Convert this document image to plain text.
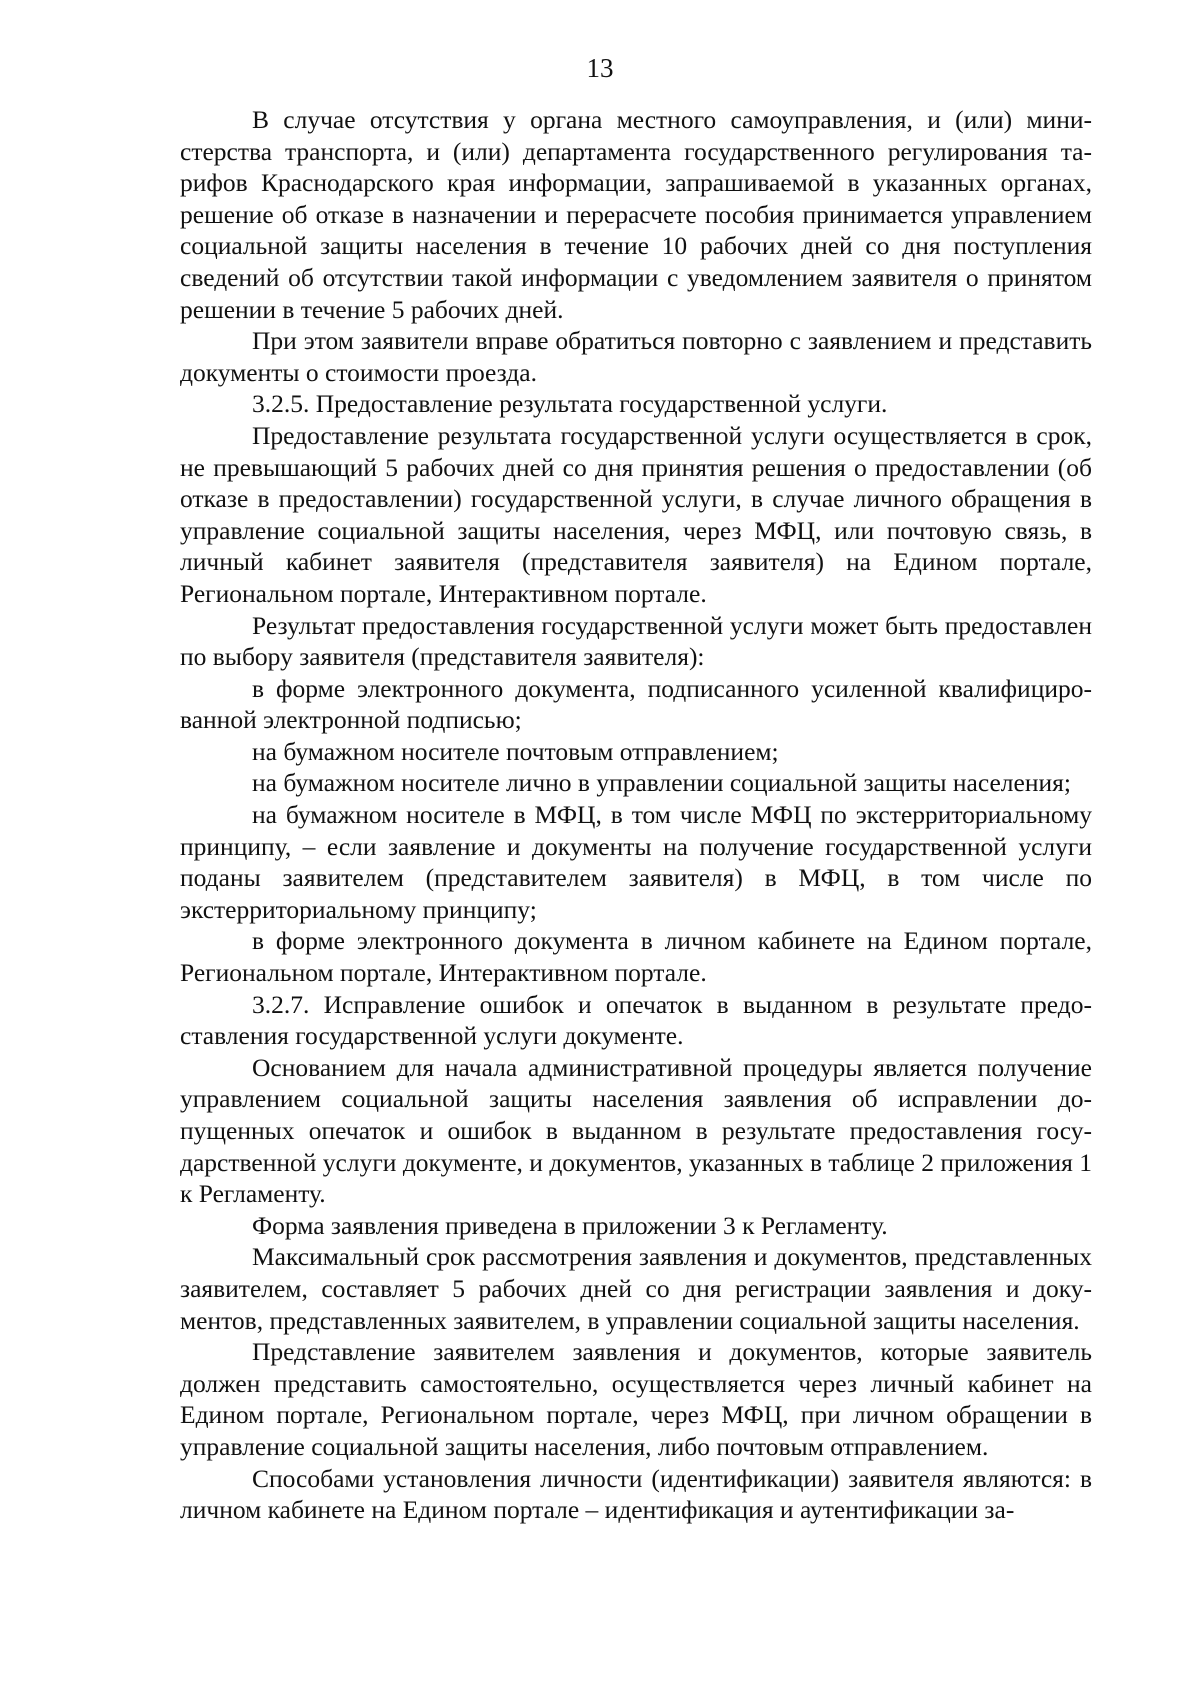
13

В случае отсутствия у органа местного самоуправления, и (или) министерства транспорта, и (или) департамента государственного регулирования тарифов Краснодарского края информации, запрашиваемой в указанных органах, решение об отказе в назначении и перерасчете пособия принимается управлением социальной защиты населения в течение 10 рабочих дней со дня поступления сведений об отсутствии такой информации с уведомлением заявителя о принятом решении в течение 5 рабочих дней.

При этом заявители вправе обратиться повторно с заявлением и представить документы о стоимости проезда.

3.2.5. Предоставление результата государственной услуги.

Предоставление результата государственной услуги осуществляется в срок, не превышающий 5 рабочих дней со дня принятия решения о предоставлении (об отказе в предоставлении) государственной услуги, в случае личного обращения в управление социальной защиты населения, через МФЦ, или почтовую связь, в личный кабинет заявителя (представителя заявителя) на Едином портале, Региональном портале, Интерактивном портале.

Результат предоставления государственной услуги может быть предоставлен по выбору заявителя (представителя заявителя):

в форме электронного документа, подписанного усиленной квалифицированной электронной подписью;

на бумажном носителе почтовым отправлением;

на бумажном носителе лично в управлении социальной защиты населения;

на бумажном носителе в МФЦ, в том числе МФЦ по экстерриториальному принципу, – если заявление и документы на получение государственной услуги поданы заявителем (представителем заявителя) в МФЦ, в том числе по экстерриториальному принципу;

в форме электронного документа в личном кабинете на Едином портале, Региональном портале, Интерактивном портале.

3.2.7. Исправление ошибок и опечаток в выданном в результате предоставления государственной услуги документе.

Основанием для начала административной процедуры является получение управлением социальной защиты населения заявления об исправлении допущенных опечаток и ошибок в выданном в результате предоставления государственной услуги документе, и документов, указанных в таблице 2 приложения 1 к Регламенту.

Форма заявления приведена в приложении 3 к Регламенту.

Максимальный срок рассмотрения заявления и документов, представленных заявителем, составляет 5 рабочих дней со дня регистрации заявления и документов, представленных заявителем, в управлении социальной защиты населения.

Представление заявителем заявления и документов, которые заявитель должен представить самостоятельно, осуществляется через личный кабинет на Едином портале, Региональном портале, через МФЦ, при личном обращении в управление социальной защиты населения, либо почтовым отправлением.

Способами установления личности (идентификации) заявителя являются: в личном кабинете на Едином портале – идентификация и аутентификации за-
